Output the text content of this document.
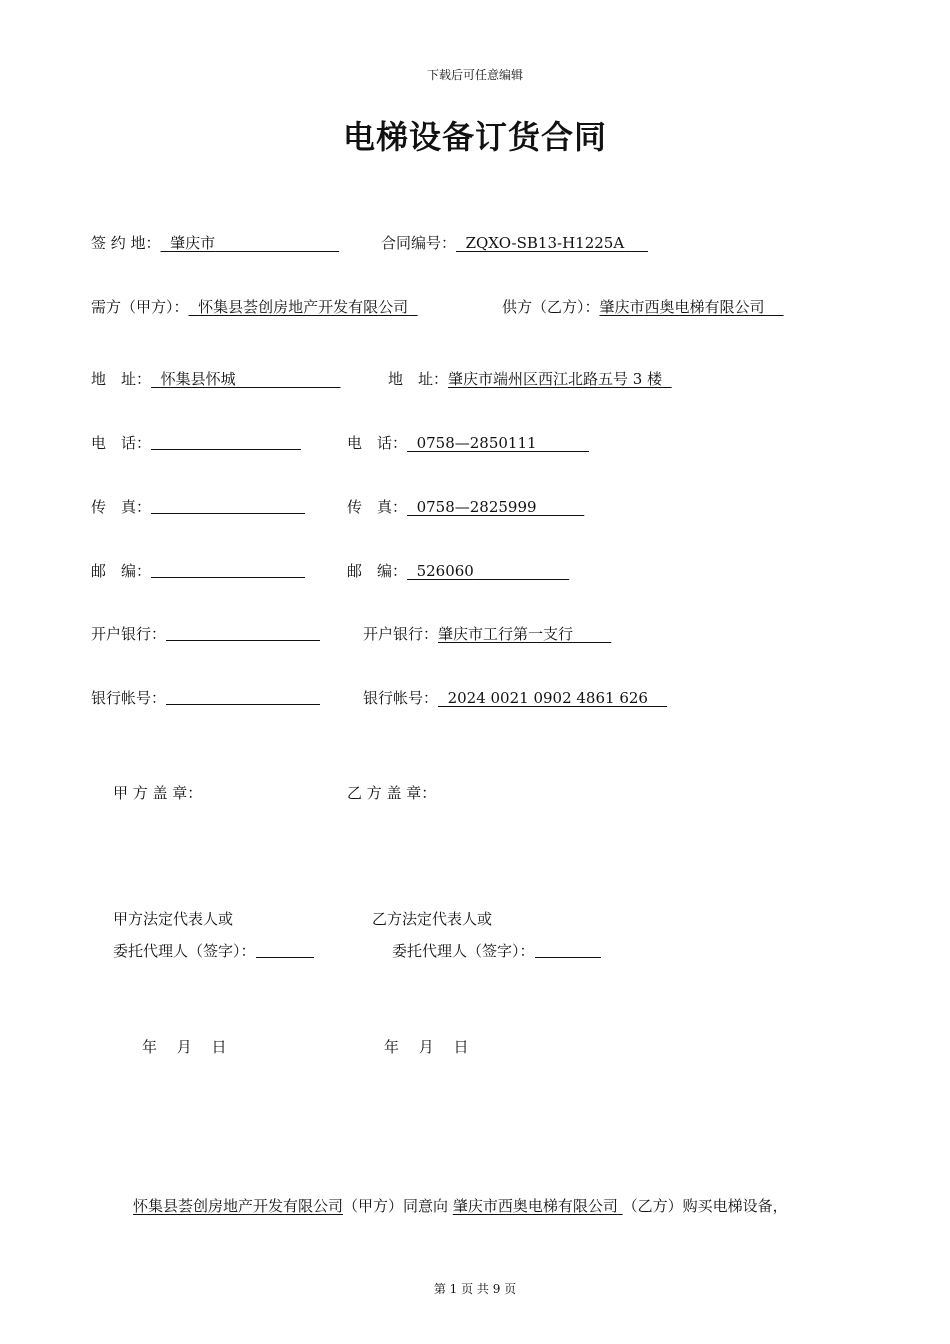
下载后可任意编辑
电梯设备订货合同
签 约 地： 肇庆市	合同编号： ZQXO-SB13-H1225A
需方（甲方）： 怀集县荟创房地产开发有限公司	供方（乙方）：肇庆市西奥电梯有限公司
地　址： 怀集县怀城	地　址：肇庆市端州区西江北路五号 3 楼
电　话：	电　话： 0758—2850111
传　真：	传　真： 0758—2825999
邮　编：	邮　编： 526060
开户银行：	开户银行：肇庆市工行第一支行
银行帐号：	银行帐号： 2024 0021 0902 4861 626
甲 方 盖 章：	乙 方 盖 章：
甲方法定代表人或	乙方法定代表人或
委托代理人（签字）：	委托代理人（签字）：
年　 月　 日	年　 月　 日
怀集县荟创房地产开发有限公司（甲方）同意向 肇庆市西奥电梯有限公司 （乙方）购买电梯设备，
第 1 页 共 9 页
